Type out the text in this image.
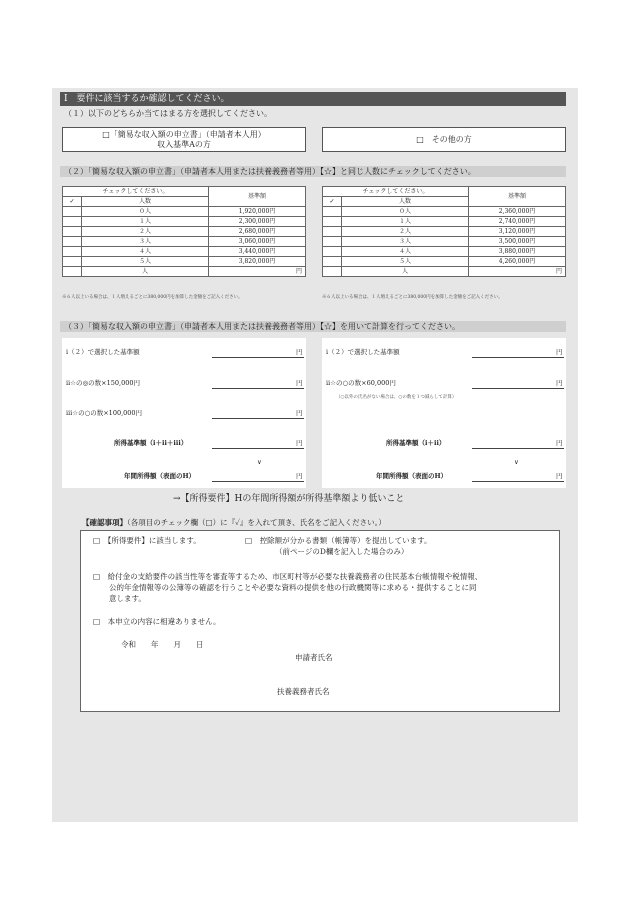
I　要件に該当するか確認してください。
（１）以下のどちらか当てはまる方を選択してください。
□「簡易な収入額の申立書」（申請者本人用）
収入基準Aの方
□　その他の方
（２）「簡易な収入額の申立書」（申請者本人用または扶養義務者等用）【☆】と同じ人数にチェックしてください。
チェックしてください。		基準額
✓	人数	
	０人	1,920,000円
	１人	2,300,000円
	２人	2,680,000円
	３人	3,060,000円
	４人	3,440,000円
	５人	3,820,000円
	人	円
※６人以上いる場合は、１人増えるごとに380,000円を加算した金額をご記入ください。
チェックしてください。		基準額
✓	人数	
	０人	2,360,000円
	１人	2,740,000円
	２人	3,120,000円
	３人	3,500,000円
	４人	3,880,000円
	５人	4,260,000円
	人	円
※６人以上いる場合は、１人増えるごとに380,000円を加算した金額をご記入ください。
（３）「簡易な収入額の申立書」（申請者本人用または扶養義務者等用）【☆】を用いて計算を行ってください。
ⅰ（２）で選択した基準額	円
ⅱ☆の◎の数×150,000円	円
ⅲ☆の○の数×100,000円	円
所得基準額（ⅰ＋ⅱ＋ⅲ）	円
∨
年間所得額（表面のH）	円
ⅰ（２）で選択した基準額	円
ⅱ☆の○の数×60,000円	円
（○以外の氏名がない場合は、○の数を１つ減らして計算）
所得基準額（ⅰ＋ⅱ）	円
∨
年間所得額（表面のH）	円
→【所得要件】Hの年間所得額が所得基準額より低いこと
【確認事項】（各項目のチェック欄（□）に『✓』を入れて頂き、氏名をご記入ください。）
□　【所得要件】に該当します。	□　控除額が分かる書類（帳簿等）を提出しています。
（前ページのD欄を記入した場合のみ）
□　給付金の支給要件の該当性等を審査等するため、市区町村等が必要な扶養義務者の住民基本台帳情報や税情報、
公的年金情報等の公簿等の確認を行うことや必要な資料の提供を他の行政機関等に求める・提供することに同
意します。
□　本申立の内容に相違ありません。
令和　　年　　月　　日
申請者氏名
扶養義務者氏名
